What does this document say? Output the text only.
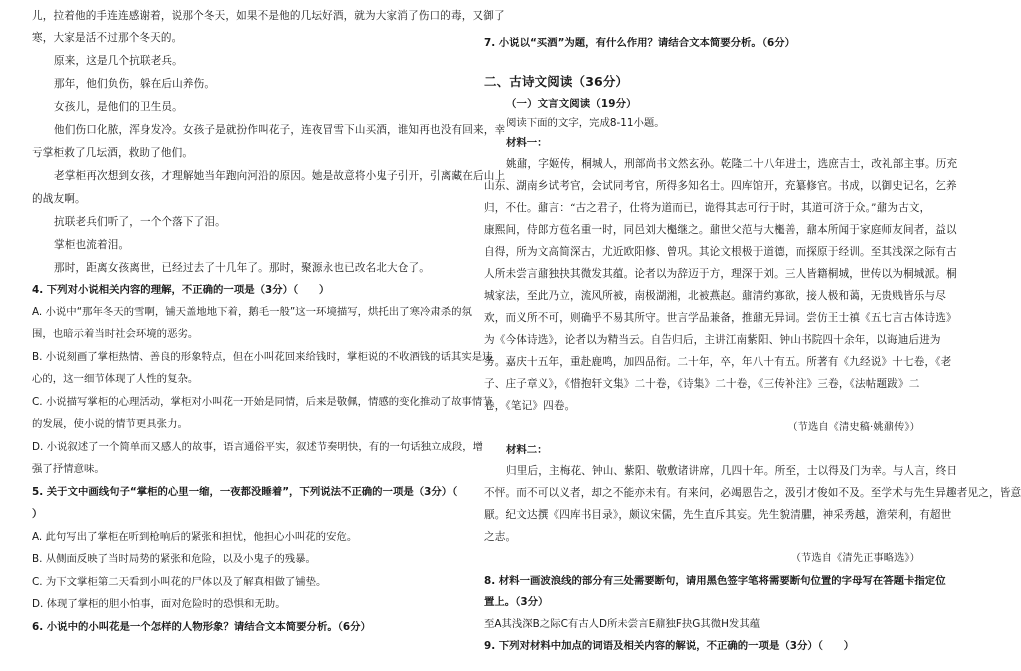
儿，拉着他的手连连感谢着，说那个冬天，如果不是他的几坛好酒，就为大家消了伤口的毒，又御了
寒，大家是活不过那个冬天的。
原来，这是几个抗联老兵。
那年，他们负伤，躲在后山养伤。
女孩儿，是他们的卫生员。
他们伤口化脓，浑身发冷。女孩子是就扮作叫花子，连夜冒雪下山买酒，谁知再也没有回来，幸
亏掌柜救了几坛酒，救助了他们。
老掌柜再次想到女孩，才理解她当年跑向河沿的原因。她是故意将小鬼子引开，引离藏在后山上
的战友啊。
抗联老兵们听了，一个个落下了泪。
掌柜也流着泪。
那时，距离女孩离世，已经过去了十几年了。那时，聚源永也已改名北大仓了。
4. 下列对小说相关内容的理解，不正确的一项是（3分）（　　）
A. 小说中“那年冬天的雪啊，铺天盖地地下着，鹅毛一般”这一环境描写，烘托出了寒冷肃杀的氛
围，也暗示着当时社会环境的恶劣。
B. 小说刻画了掌柜热情、善良的形象特点，但在小叫花回来给钱时，掌柜说的不收酒钱的话其实是违
心的，这一细节体现了人性的复杂。
C. 小说描写掌柜的心理活动，掌柜对小叫花一开始是同情，后来是敬佩，情感的变化推动了故事情节
的发展，使小说的情节更具张力。
D. 小说叙述了一个简单而又感人的故事，语言通俗平实，叙述节奏明快，有的一句话独立成段，增
强了抒情意味。
5. 关于文中画线句子“掌柜的心里一缩，一夜都没睡着”，下列说法不正确的一项是（3分）（
）
A. 此句写出了掌柜在听到枪响后的紧张和担忧，他担心小叫花的安危。
B. 从侧面反映了当时局势的紧张和危险，以及小鬼子的残暴。
C. 为下文掌柜第二天看到小叫花的尸体以及了解真相做了铺垫。
D. 体现了掌柜的胆小怕事，面对危险时的恐惧和无助。
6. 小说中的小叫花是一个怎样的人物形象？请结合文本简要分析。（6分）
7. 小说以“买酒”为题，有什么作用？请结合文本简要分析。（6分）
二、古诗文阅读（36分）
（一）文言文阅读（19分）
阅读下面的文字，完成8-11小题。
材料一：
姚鼐，字姬传，桐城人，刑部尚书文然玄孙。乾隆二十八年进士，选庶吉士，改礼部主事。历充
山东、湖南乡试考官，会试同考官，所得多知名士。四库馆开，充纂修官。书成，以御史记名，乞养
归，不仕。鼐言：“古之君子，仕将为道而已，诡得其志可行于时，其道可济于众。”鼐为古文，
康熙间，侍郎方苞名重一时，同邑刘大櫆继之。鼐世父范与大櫆善，鼐本所闻于家庭师友间者，益以
自得，所为文高简深古，尤近欧阳修、曾巩。其论文根极于道德，而探原于经训。至其浅深之际有古
人所未尝言鼐独抉其微发其蕴。论者以为辞迈于方，理深于刘。三人皆籍桐城，世传以为桐城派。桐
城家法，至此乃立，流风所被，南极湖湘，北被燕赵。鼐清约寡欲，接人极和蔼，无贵贱皆乐与尽
欢，而义所不可，则确乎不易其所守。世言学品兼备，推鼐无异词。尝仿王士禛《五七言古体诗选》
为《今体诗选》，论者以为精当云。自告归后，主讲江南紫阳、钟山书院四十余年，以诲迪后进为
务。嘉庆十五年，重赴鹿鸣，加四品衔。二十年，卒，年八十有五。所著有《九经说》十七卷，《老
子、庄子章义》，《惜抱轩文集》二十卷，《诗集》二十卷，《三传补注》三卷，《法帖题跋》二
卷，《笔记》四卷。
（节选自《清史稿·姚鼐传》）
材料二：
归里后，主梅花、钟山、紫阳、敬敷诸讲席，几四十年。所至，士以得及门为幸。与人言，终日
不怦。而不可以义者，却之不能亦未有。有来问，必竭恩告之，汲引才俊如不及。至学术与先生异趣者见之，皆意
厭。纪文达撰《四库书目录》，颇议宋儒，先生直斥其妄。先生貌清臞，神采秀越，澹荣利，有超世
之志。
（节选自《清先正事略选》）
8. 材料一画波浪线的部分有三处需要断句，请用黑色签字笔将需要断句位置的字母写在答题卡指定位
置上。（3分）
至A其浅深B之际C有古人D所未尝言E鼐独F抉G其微H发其蕴
9. 下列对材料中加点的词语及相关内容的解说，不正确的一项是（3分）（　　）
